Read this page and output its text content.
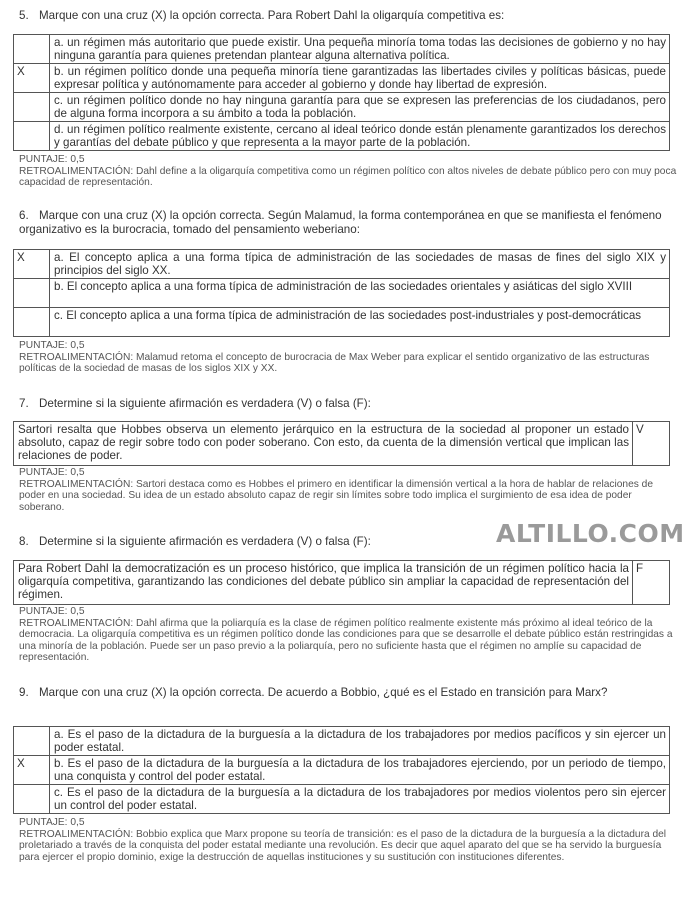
5. Marque con una cruz (X) la opción correcta. Para Robert Dahl la oligarquía competitiva es:
	a. un régimen más autoritario que puede existir. Una pequeña minoría toma todas las decisiones de gobierno y no hay ninguna garantía para quienes pretendan plantear alguna alternativa política.
X	b. un régimen político donde una pequeña minoría tiene garantizadas las libertades civiles y políticas básicas, puede expresar política y autónomamente para acceder al gobierno y donde hay libertad de expresión.
	c. un régimen político donde no hay ninguna garantía para que se expresen las preferencias de los ciudadanos, pero de alguna forma incorpora a su ámbito a toda la población.
	d. un régimen político realmente existente, cercano al ideal teórico donde están plenamente garantizados los derechos y garantías del debate público y que representa a la mayor parte de la población.
PUNTAJE: 0,5
RETROALIMENTACIÓN: Dahl define a la oligarquía competitiva como un régimen político con altos niveles de debate público pero con muy poca capacidad de representación.
6. Marque con una cruz (X) la opción correcta. Según Malamud, la forma contemporánea en que se manifiesta el fenómeno organizativo es la burocracia, tomado del pensamiento weberiano:
X	a. El concepto aplica a una forma típica de administración de las sociedades de masas de fines del siglo XIX y principios del siglo XX.
	b. El concepto aplica a una forma típica de administración de las sociedades orientales y asiáticas del siglo XVIII
	c. El concepto aplica a una forma típica de administración de las sociedades post-industriales y post-democráticas
PUNTAJE: 0,5
RETROALIMENTACIÓN: Malamud retoma el concepto de burocracia de Max Weber para explicar el sentido organizativo de las estructuras políticas de la sociedad de masas de los siglos XIX y XX.
7. Determine si la siguiente afirmación es verdadera (V) o falsa (F):
Sartori resalta que Hobbes observa un elemento jerárquico en la estructura de la sociedad al proponer un estado absoluto, capaz de regir sobre todo con poder soberano. Con esto, da cuenta de la dimensión vertical que implican las relaciones de poder.	V
PUNTAJE: 0,5
RETROALIMENTACIÓN: Sartori destaca como es Hobbes el primero en identificar la dimensión vertical a la hora de hablar de relaciones de poder en una sociedad. Su idea de un estado absoluto capaz de regir sin límites sobre todo implica el surgimiento de esa idea de poder soberano.
ALTILLO.COM
8. Determine si la siguiente afirmación es verdadera (V) o falsa (F):
Para Robert Dahl la democratización es un proceso histórico, que implica la transición de un régimen político hacia la oligarquía competitiva, garantizando las condiciones del debate público sin ampliar la capacidad de representación del régimen.	F
PUNTAJE: 0,5
RETROALIMENTACIÓN: Dahl afirma que la poliarquía es la clase de régimen político realmente existente más próximo al ideal teórico de la democracia. La oligarquía competitiva es un régimen político donde las condiciones para que se desarrolle el debate público están restringidas a una minoría de la población. Puede ser un paso previo a la poliarquía, pero no suficiente hasta que el régimen no amplíe su capacidad de representación.
9. Marque con una cruz (X) la opción correcta. De acuerdo a Bobbio, ¿qué es el Estado en transición para Marx?
	a. Es el paso de la dictadura de la burguesía a la dictadura de los trabajadores por medios pacíficos y sin ejercer un poder estatal.
X	b. Es el paso de la dictadura de la burguesía a la dictadura de los trabajadores ejerciendo, por un periodo de tiempo, una conquista y control del poder estatal.
	c. Es el paso de la dictadura de la burguesía a la dictadura de los trabajadores por medios violentos pero sin ejercer un control del poder estatal.
PUNTAJE: 0,5
RETROALIMENTACIÓN: Bobbio explica que Marx propone su teoría de transición: es el paso de la dictadura de la burguesía a la dictadura del proletariado a través de la conquista del poder estatal mediante una revolución. Es decir que aquel aparato del que se ha servido la burguesía para ejercer el propio dominio, exige la destrucción de aquellas instituciones y su sustitución con instituciones diferentes.
